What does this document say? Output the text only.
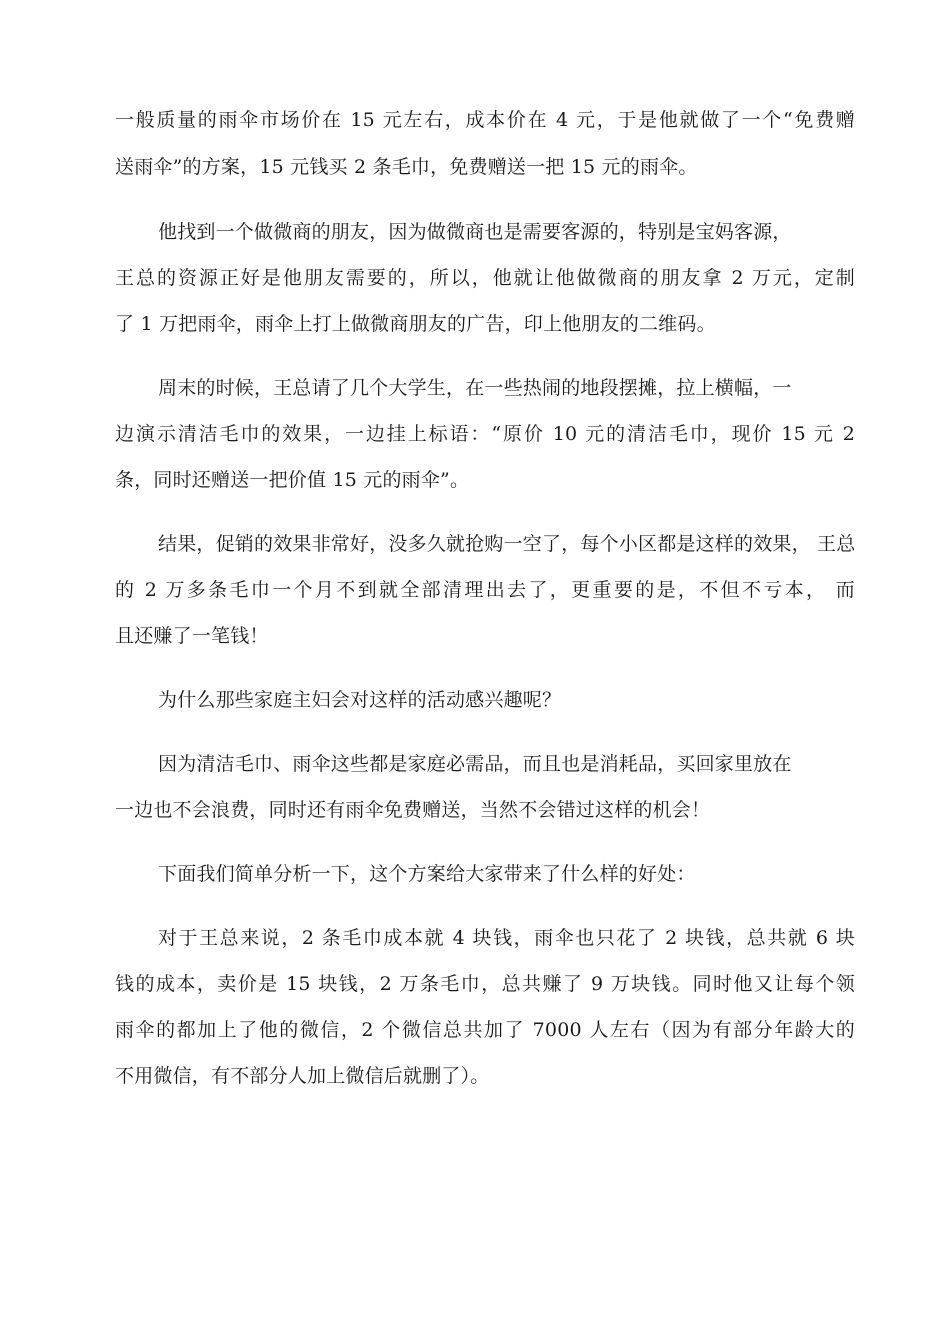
一般质量的雨伞市场价在 15 元左右，成本价在 4 元，于是他就做了一个“免费赠
送雨伞”的方案，15 元钱买 2 条毛巾，免费赠送一把 15 元的雨伞。
他找到一个做微商的朋友，因为做微商也是需要客源的，特别是宝妈客源，
王总的资源正好是他朋友需要的，所以，他就让他做微商的朋友拿 2 万元，定制
了 1 万把雨伞，雨伞上打上做微商朋友的广告，印上他朋友的二维码。
周末的时候，王总请了几个大学生，在一些热闹的地段摆摊，拉上横幅，一
边演示清洁毛巾的效果，一边挂上标语：“原价 10 元的清洁毛巾，现价 15 元 2
条，同时还赠送一把价值 15 元的雨伞”。
结果，促销的效果非常好，没多久就抢购一空了，每个小区都是这样的效果， 王总
的 2 万多条毛巾一个月不到就全部清理出去了，更重要的是，不但不亏本， 而
且还赚了一笔钱！
为什么那些家庭主妇会对这样的活动感兴趣呢？
因为清洁毛巾、雨伞这些都是家庭必需品，而且也是消耗品，买回家里放在
一边也不会浪费，同时还有雨伞免费赠送，当然不会错过这样的机会！
下面我们简单分析一下，这个方案给大家带来了什么样的好处：
对于王总来说，2 条毛巾成本就 4 块钱，雨伞也只花了 2 块钱，总共就 6 块
钱的成本，卖价是 15 块钱，2 万条毛巾，总共赚了 9 万块钱。同时他又让每个领
雨伞的都加上了他的微信，2 个微信总共加了 7000 人左右（因为有部分年龄大的
不用微信，有不部分人加上微信后就删了）。
